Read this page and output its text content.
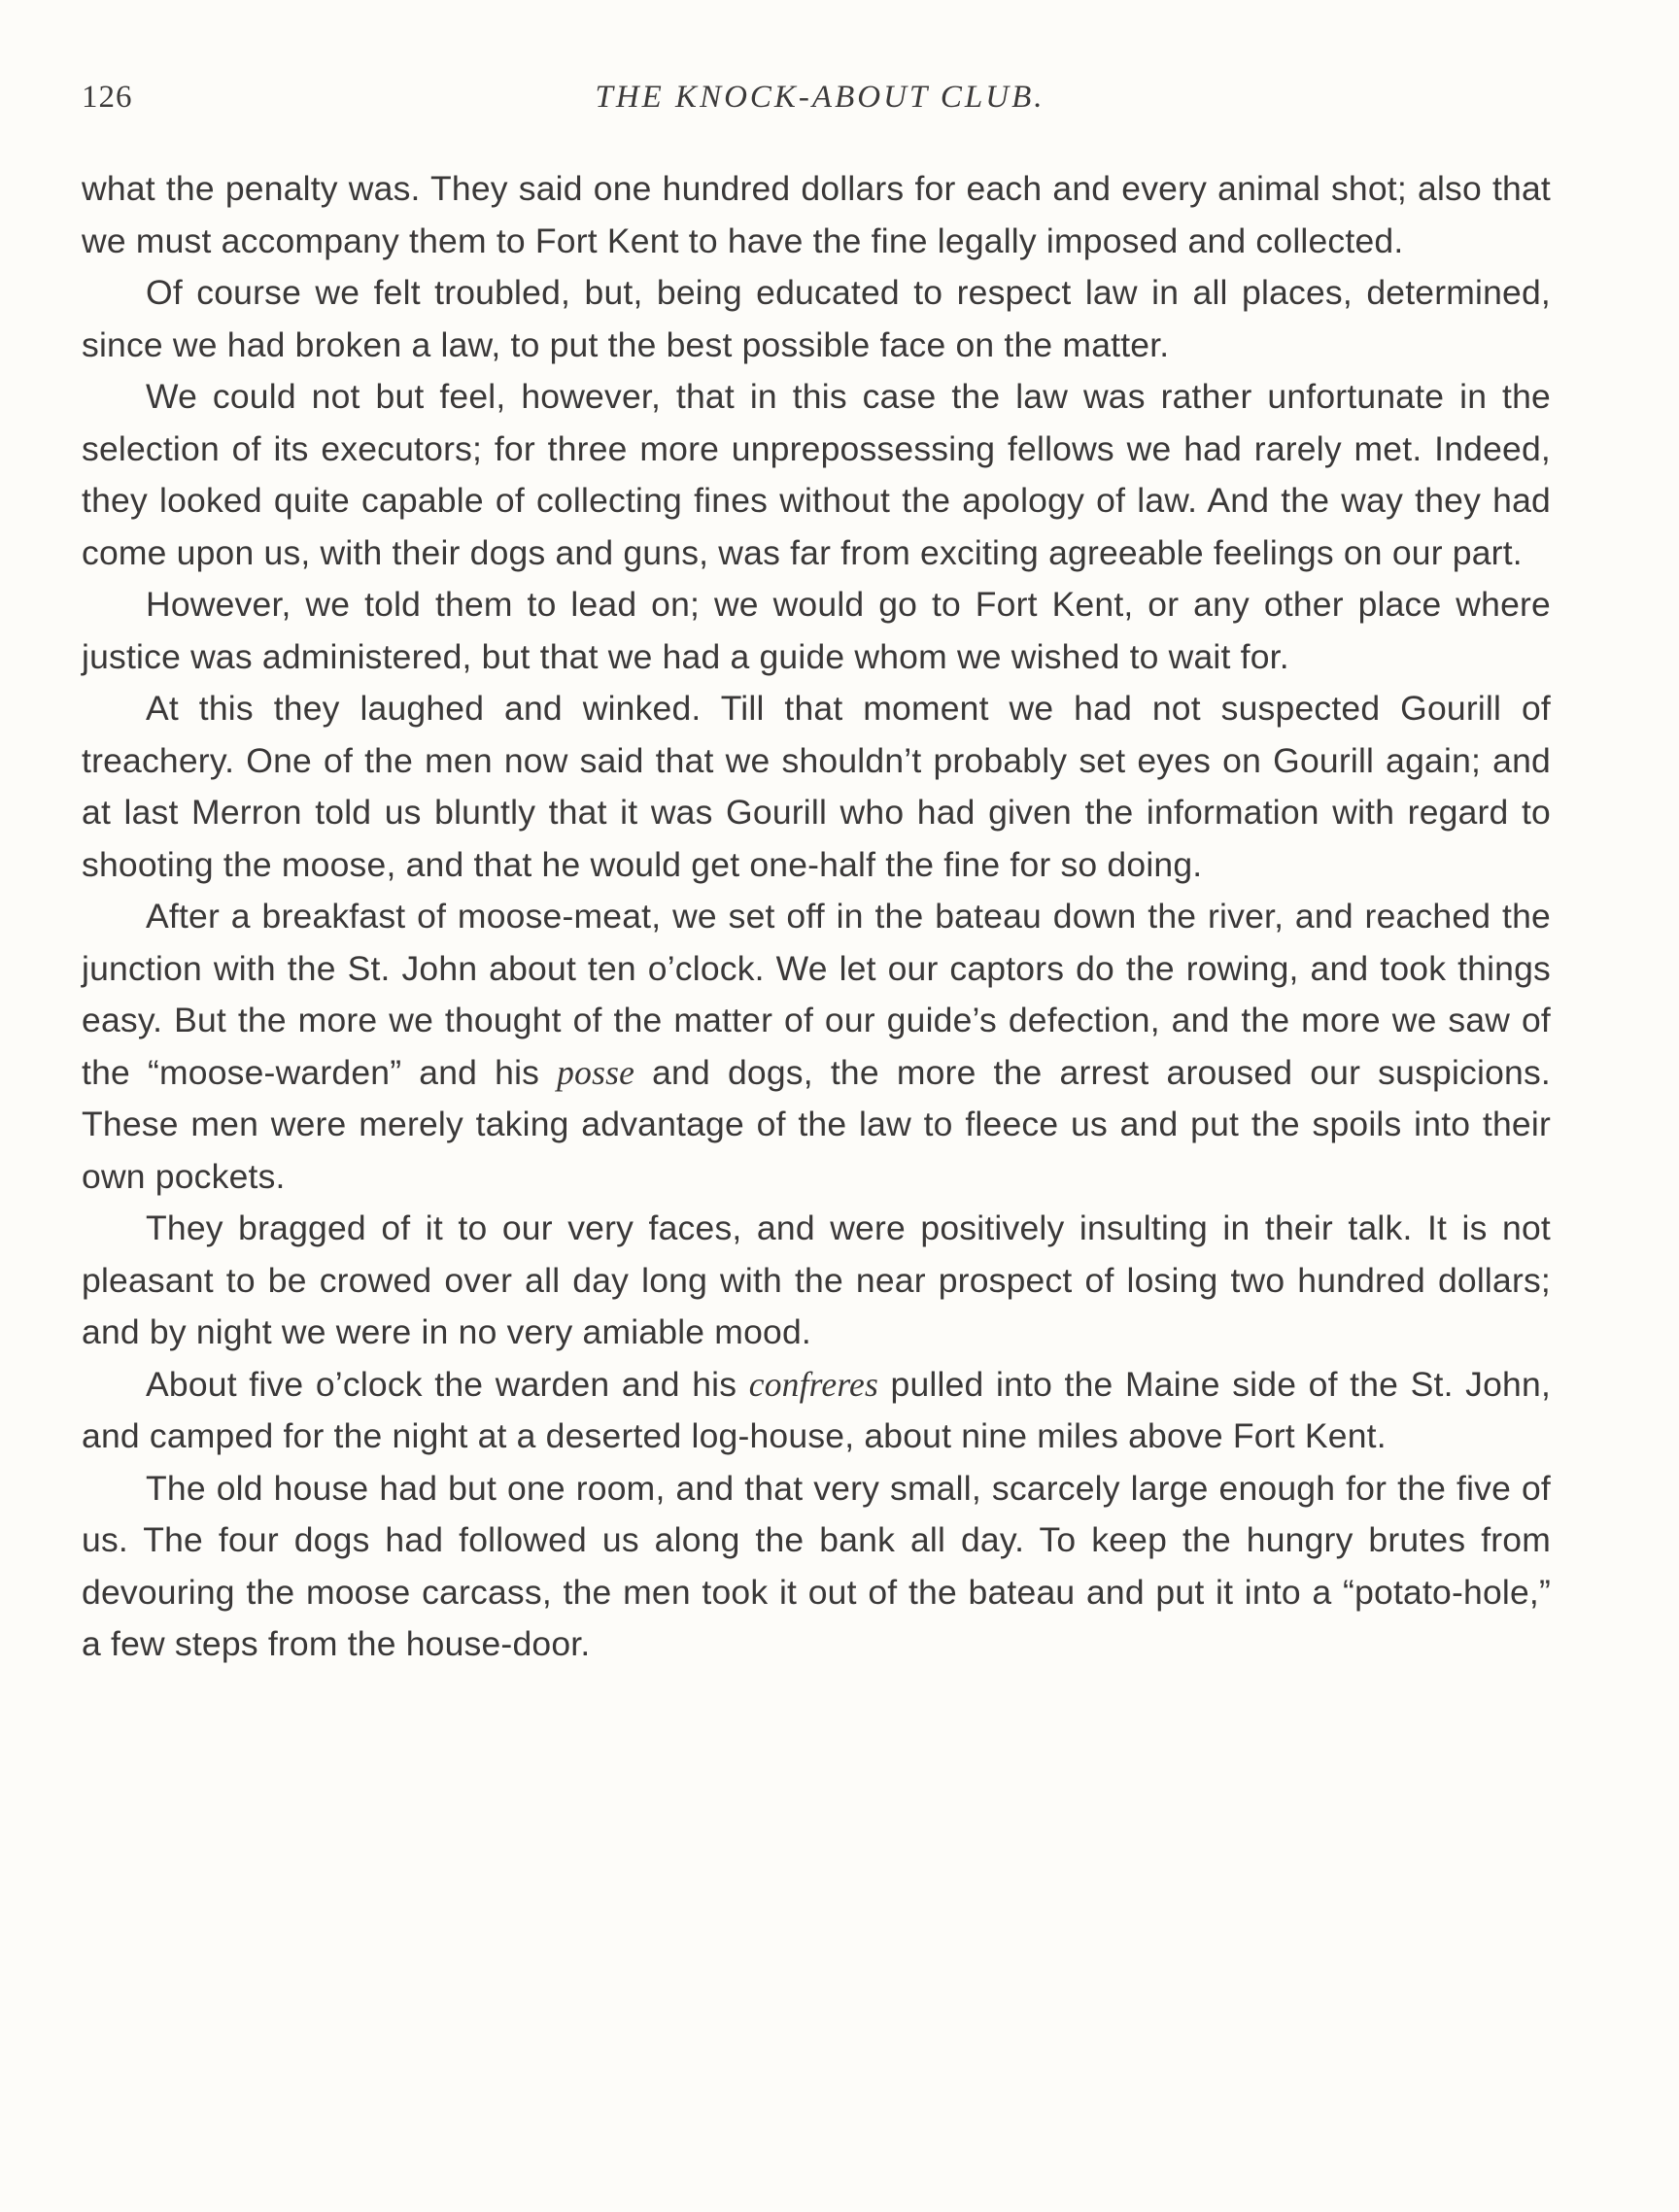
126	THE KNOCK-ABOUT CLUB.

what the penalty was. They said one hundred dollars for each and every animal shot; also that we must accompany them to Fort Kent to have the fine legally imposed and collected.

Of course we felt troubled, but, being educated to respect law in all places, determined, since we had broken a law, to put the best possible face on the matter.

We could not but feel, however, that in this case the law was rather unfortunate in the selection of its executors; for three more unprepossessing fellows we had rarely met. Indeed, they looked quite capable of collecting fines without the apology of law. And the way they had come upon us, with their dogs and guns, was far from exciting agreeable feelings on our part.

However, we told them to lead on; we would go to Fort Kent, or any other place where justice was administered, but that we had a guide whom we wished to wait for.

At this they laughed and winked. Till that moment we had not suspected Gourill of treachery. One of the men now said that we shouldn’t probably set eyes on Gourill again; and at last Merron told us bluntly that it was Gourill who had given the information with regard to shooting the moose, and that he would get one-half the fine for so doing.

After a breakfast of moose-meat, we set off in the bateau down the river, and reached the junction with the St. John about ten o’clock. We let our captors do the rowing, and took things easy. But the more we thought of the matter of our guide’s defection, and the more we saw of the “moose-warden” and his posse and dogs, the more the arrest aroused our suspicions. These men were merely taking advantage of the law to fleece us and put the spoils into their own pockets.

They bragged of it to our very faces, and were positively insulting in their talk. It is not pleasant to be crowed over all day long with the near prospect of losing two hundred dollars; and by night we were in no very amiable mood.

About five o’clock the warden and his confreres pulled into the Maine side of the St. John, and camped for the night at a deserted log-house, about nine miles above Fort Kent.

The old house had but one room, and that very small, scarcely large enough for the five of us. The four dogs had followed us along the bank all day. To keep the hungry brutes from devouring the moose carcass, the men took it out of the bateau and put it into a “potato-hole,” a few steps from the house-door.
